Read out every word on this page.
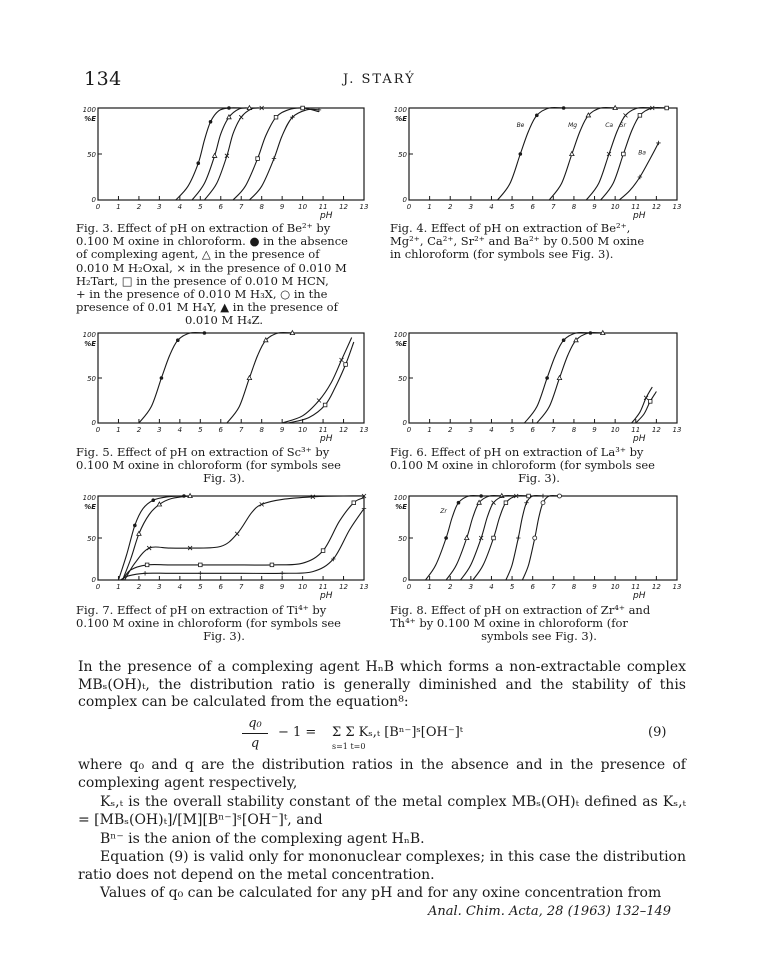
134	J. STARÝ
0 1 2 3 4 5 6 7 8 9 10 11 12 13
100
%E
50
0
pH
0 1 2 3 4 5 6 7 8 9 10 11 12 13
100
%E
50
0
pH
Be	Mg	Ca Sr
Ba
0 1 2 3 4 5 6 7 8 9 10 11 12 13
100
%E
50
0
pH
0 1 2 3 4 5 6 7 8 9 10 11 12 13
100
%E
50
0
pH
0 1 2 3 4 5 6 7 8 9 10 11 12 13
100
%E
50
0
pH
0 1 2 3 4 5 6 7 8 9 10 11 12 13
100
%E
50
0
pH
Zr
Fig. 3. Effect of pH on extraction of Be²⁺ by
0.100 M oxine in chloroform. ● in the absence
of complexing agent, △ in the presence of
0.010 M H₂Oxal, × in the presence of 0.010 M
H₂Tart, □ in the presence of 0.010 M HCN,
+ in the presence of 0.010 M H₃X, ○ in the
presence of 0.01 M H₄Y, ▲ in the presence of
0.010 M H₄Z.
Fig. 4. Effect of pH on extraction of Be²⁺,
Mg²⁺, Ca²⁺, Sr²⁺ and Ba²⁺ by 0.500 M oxine
in chloroform (for symbols see Fig. 3).
Fig. 5. Effect of pH on extraction of Sc³⁺ by
0.100 M oxine in chloroform (for symbols see
Fig. 3).
Fig. 6. Effect of pH on extraction of La³⁺ by
0.100 M oxine in chloroform (for symbols see
Fig. 3).
Fig. 7. Effect of pH on extraction of Ti⁴⁺ by
0.100 M oxine in chloroform (for symbols see
Fig. 3).
Fig. 8. Effect of pH on extraction of Zr⁴⁺ and
Th⁴⁺ by 0.100 M oxine in chloroform (for
symbols see Fig. 3).
In the presence of a complexing agent HₙB which forms a non-extractable complex MBₛ(OH)ₜ, the distribution ratio is generally diminished and the stability of this complex can be calculated from the equation⁸:
q₀
q
− 1 = Σ Σ Kₛ,ₜ [Bⁿ⁻]ˢ[OH⁻]ᵗ
s=1 t=0
(9)
where q₀ and q are the distribution ratios in the absence and in the presence of complexing agent respectively,
Kₛ,ₜ is the overall stability constant of the metal complex MBₛ(OH)ₜ defined as Kₛ,ₜ = [MBₛ(OH)ₜ]/[M][Bⁿ⁻]ˢ[OH⁻]ᵗ, and
Bⁿ⁻ is the anion of the complexing agent HₙB.
Equation (9) is valid only for mononuclear complexes; in this case the distribution ratio does not depend on the metal concentration.
Values of q₀ can be calculated for any pH and for any oxine concentration from
Anal. Chim. Acta, 28 (1963) 132–149
